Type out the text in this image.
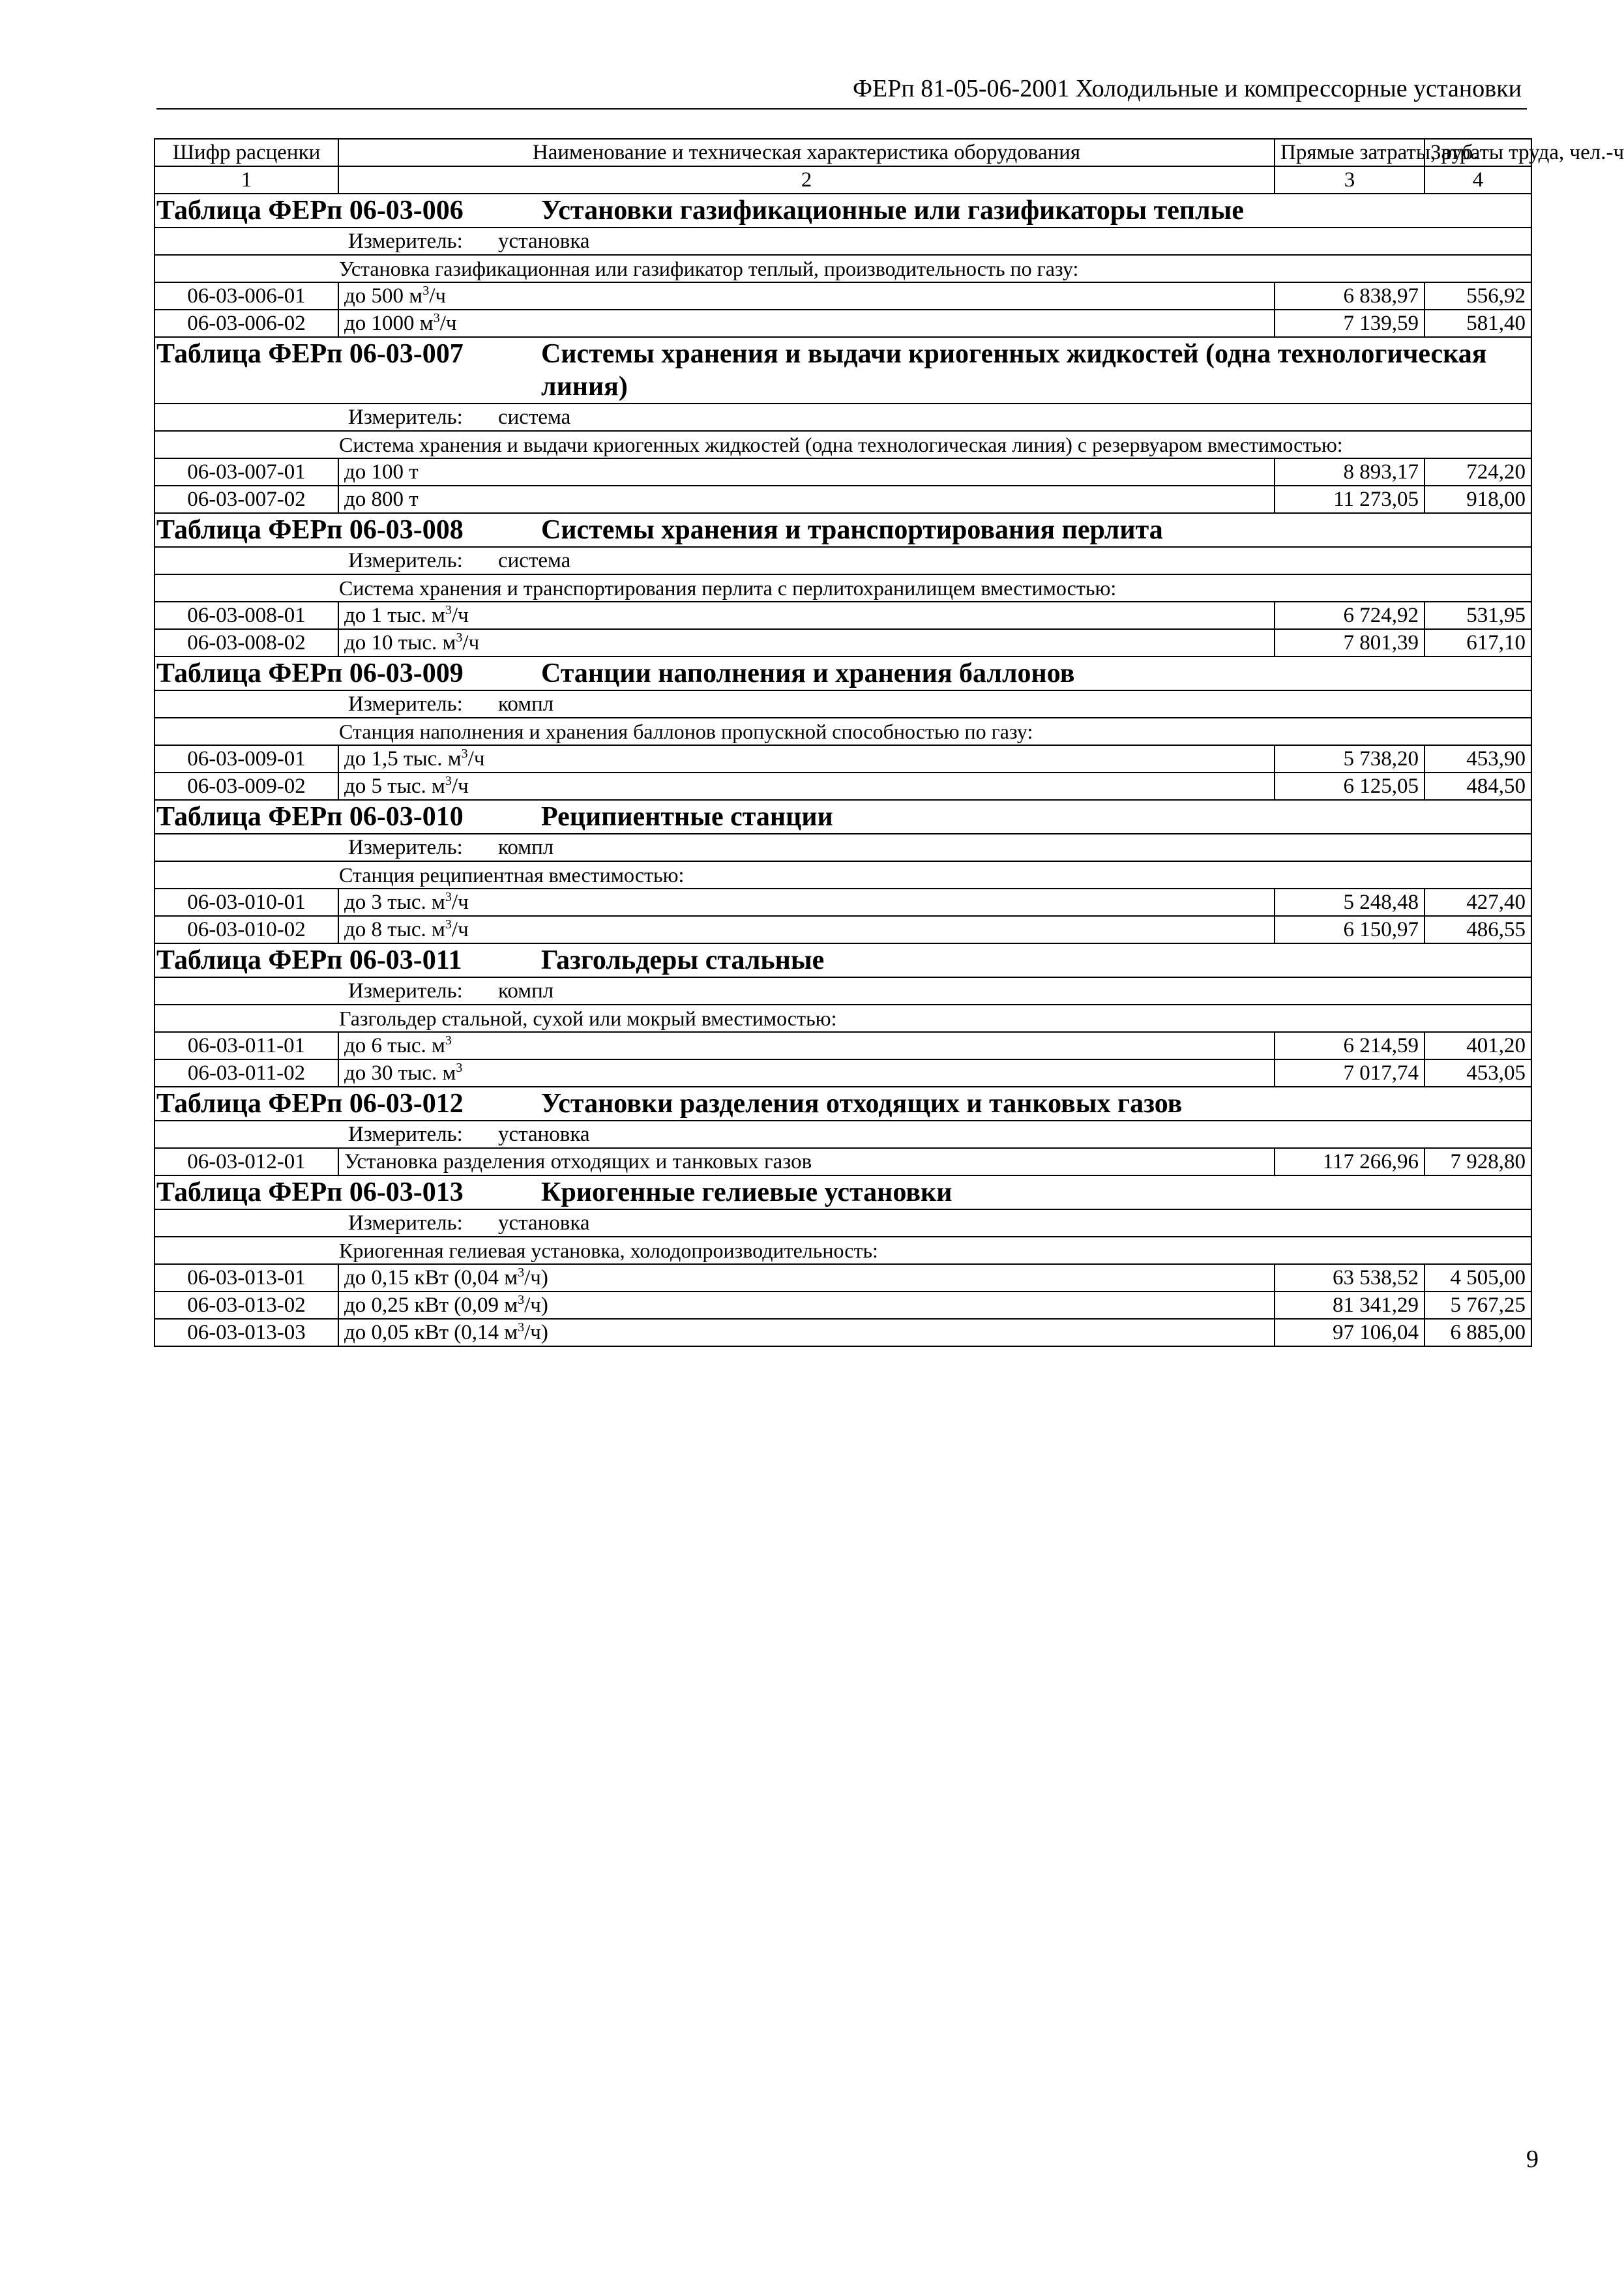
ФЕРп 81-05-06-2001 Холодильные и компрессорные установки
Шифр расценки	Наименование и техническая характеристика оборудования	Прямые затраты, руб.	Затраты труда, чел.-ч
1	2	3	4
Таблица ФЕРп 06-03-006 Установки газификационные или газификаторы теплые			
Измеритель: установка			
Установка газификационная или газификатор теплый, производительность по газу:			
06-03-006-01	до 500 $м^3/ч$	6 838,97	556,92
06-03-006-02	до 1000 $м^3/ч$	7 139,59	581,40
Таблица ФЕРп 06-03-007 Системы хранения и выдачи криогенных жидкостей (одна технологическая линия)			
Измеритель: система			
Система хранения и выдачи криогенных жидкостей (одна технологическая линия) с резервуаром вместимостью:			
06-03-007-01	до 100 т	8 893,17	724,20
06-03-007-02	до 800 т	11 273,05	918,00
Таблица ФЕРп 06-03-008 Системы хранения и транспортирования перлита			
Измеритель: система			
Система хранения и транспортирования перлита с перлитохранилищем вместимостью:			
06-03-008-01	до 1 тыс. $м^3/ч$	6 724,92	531,95
06-03-008-02	до 10 тыс. $м^3/ч$	7 801,39	617,10
Таблица ФЕРп 06-03-009 Станции наполнения и хранения баллонов			
Измеритель: компл			
Станция наполнения и хранения баллонов пропускной способностью по газу:			
06-03-009-01	до 1,5 тыс. $м^3/ч$	5 738,20	453,90
06-03-009-02	до 5 тыс. $м^3/ч$	6 125,05	484,50
Таблица ФЕРп 06-03-010 Реципиентные станции			
Измеритель: компл			
Станция реципиентная вместимостью:			
06-03-010-01	до 3 тыс. $м^3/ч$	5 248,48	427,40
06-03-010-02	до 8 тыс. $м^3/ч$	6 150,97	486,55
Таблица ФЕРп 06-03-011 Газгольдеры стальные			
Измеритель: компл			
Газгольдер стальной, сухой или мокрый вместимостью:			
06-03-011-01	до 6 тыс. $м^3$	6 214,59	401,20
06-03-011-02	до 30 тыс. $м^3$	7 017,74	453,05
Таблица ФЕРп 06-03-012 Установки разделения отходящих и танковых газов			
Измеритель: установка			
06-03-012-01	Установка разделения отходящих и танковых газов	117 266,96	7 928,80
Таблица ФЕРп 06-03-013 Криогенные гелиевые установки			
Измеритель: установка			
Криогенная гелиевая установка, холодопроизводительность:			
06-03-013-01	до 0,15 кВт (0,04 $м^3/ч$)	63 538,52	4 505,00
06-03-013-02	до 0,25 кВт (0,09 $м^3/ч$)	81 341,29	5 767,25
06-03-013-03	до 0,05 кВт (0,14 $м^3/ч$)	97 106,04	6 885,00
9
